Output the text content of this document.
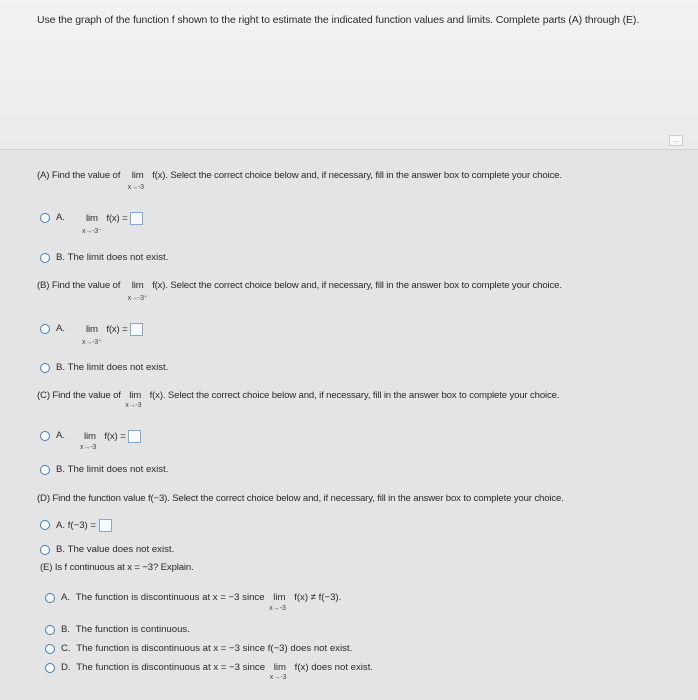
Use the graph of the function f shown to the right to estimate the indicated function values and limits. Complete parts (A) through (E).
...
(A) Find the value of lim
x→-3
f(x). Select the correct choice below and, if necessary, fill in the answer box to complete your choice.
A. lim
x→-3⁻
f(x) =
B. The limit does not exist.
(B) Find the value of lim
x→-3⁺
f(x). Select the correct choice below and, if necessary, fill in the answer box to complete your choice.
A. lim
x→-3⁺
f(x) =
B. The limit does not exist.
(C) Find the value of lim
x→-3
f(x). Select the correct choice below and, if necessary, fill in the answer box to complete your choice.
A. lim
x→-3
f(x) =
B. The limit does not exist.
(D) Find the function value f(−3). Select the correct choice below and, if necessary, fill in the answer box to complete your choice.
A. f(−3) =
B. The value does not exist.
(E) Is f continuous at x = −3? Explain.
A. The function is discontinuous at x = −3 since lim
x→-3
f(x) ≠ f(−3).
B. The function is continuous.
C. The function is discontinuous at x = −3 since f(−3) does not exist.
D. The function is discontinuous at x = −3 since lim
x→-3
f(x) does not exist.
